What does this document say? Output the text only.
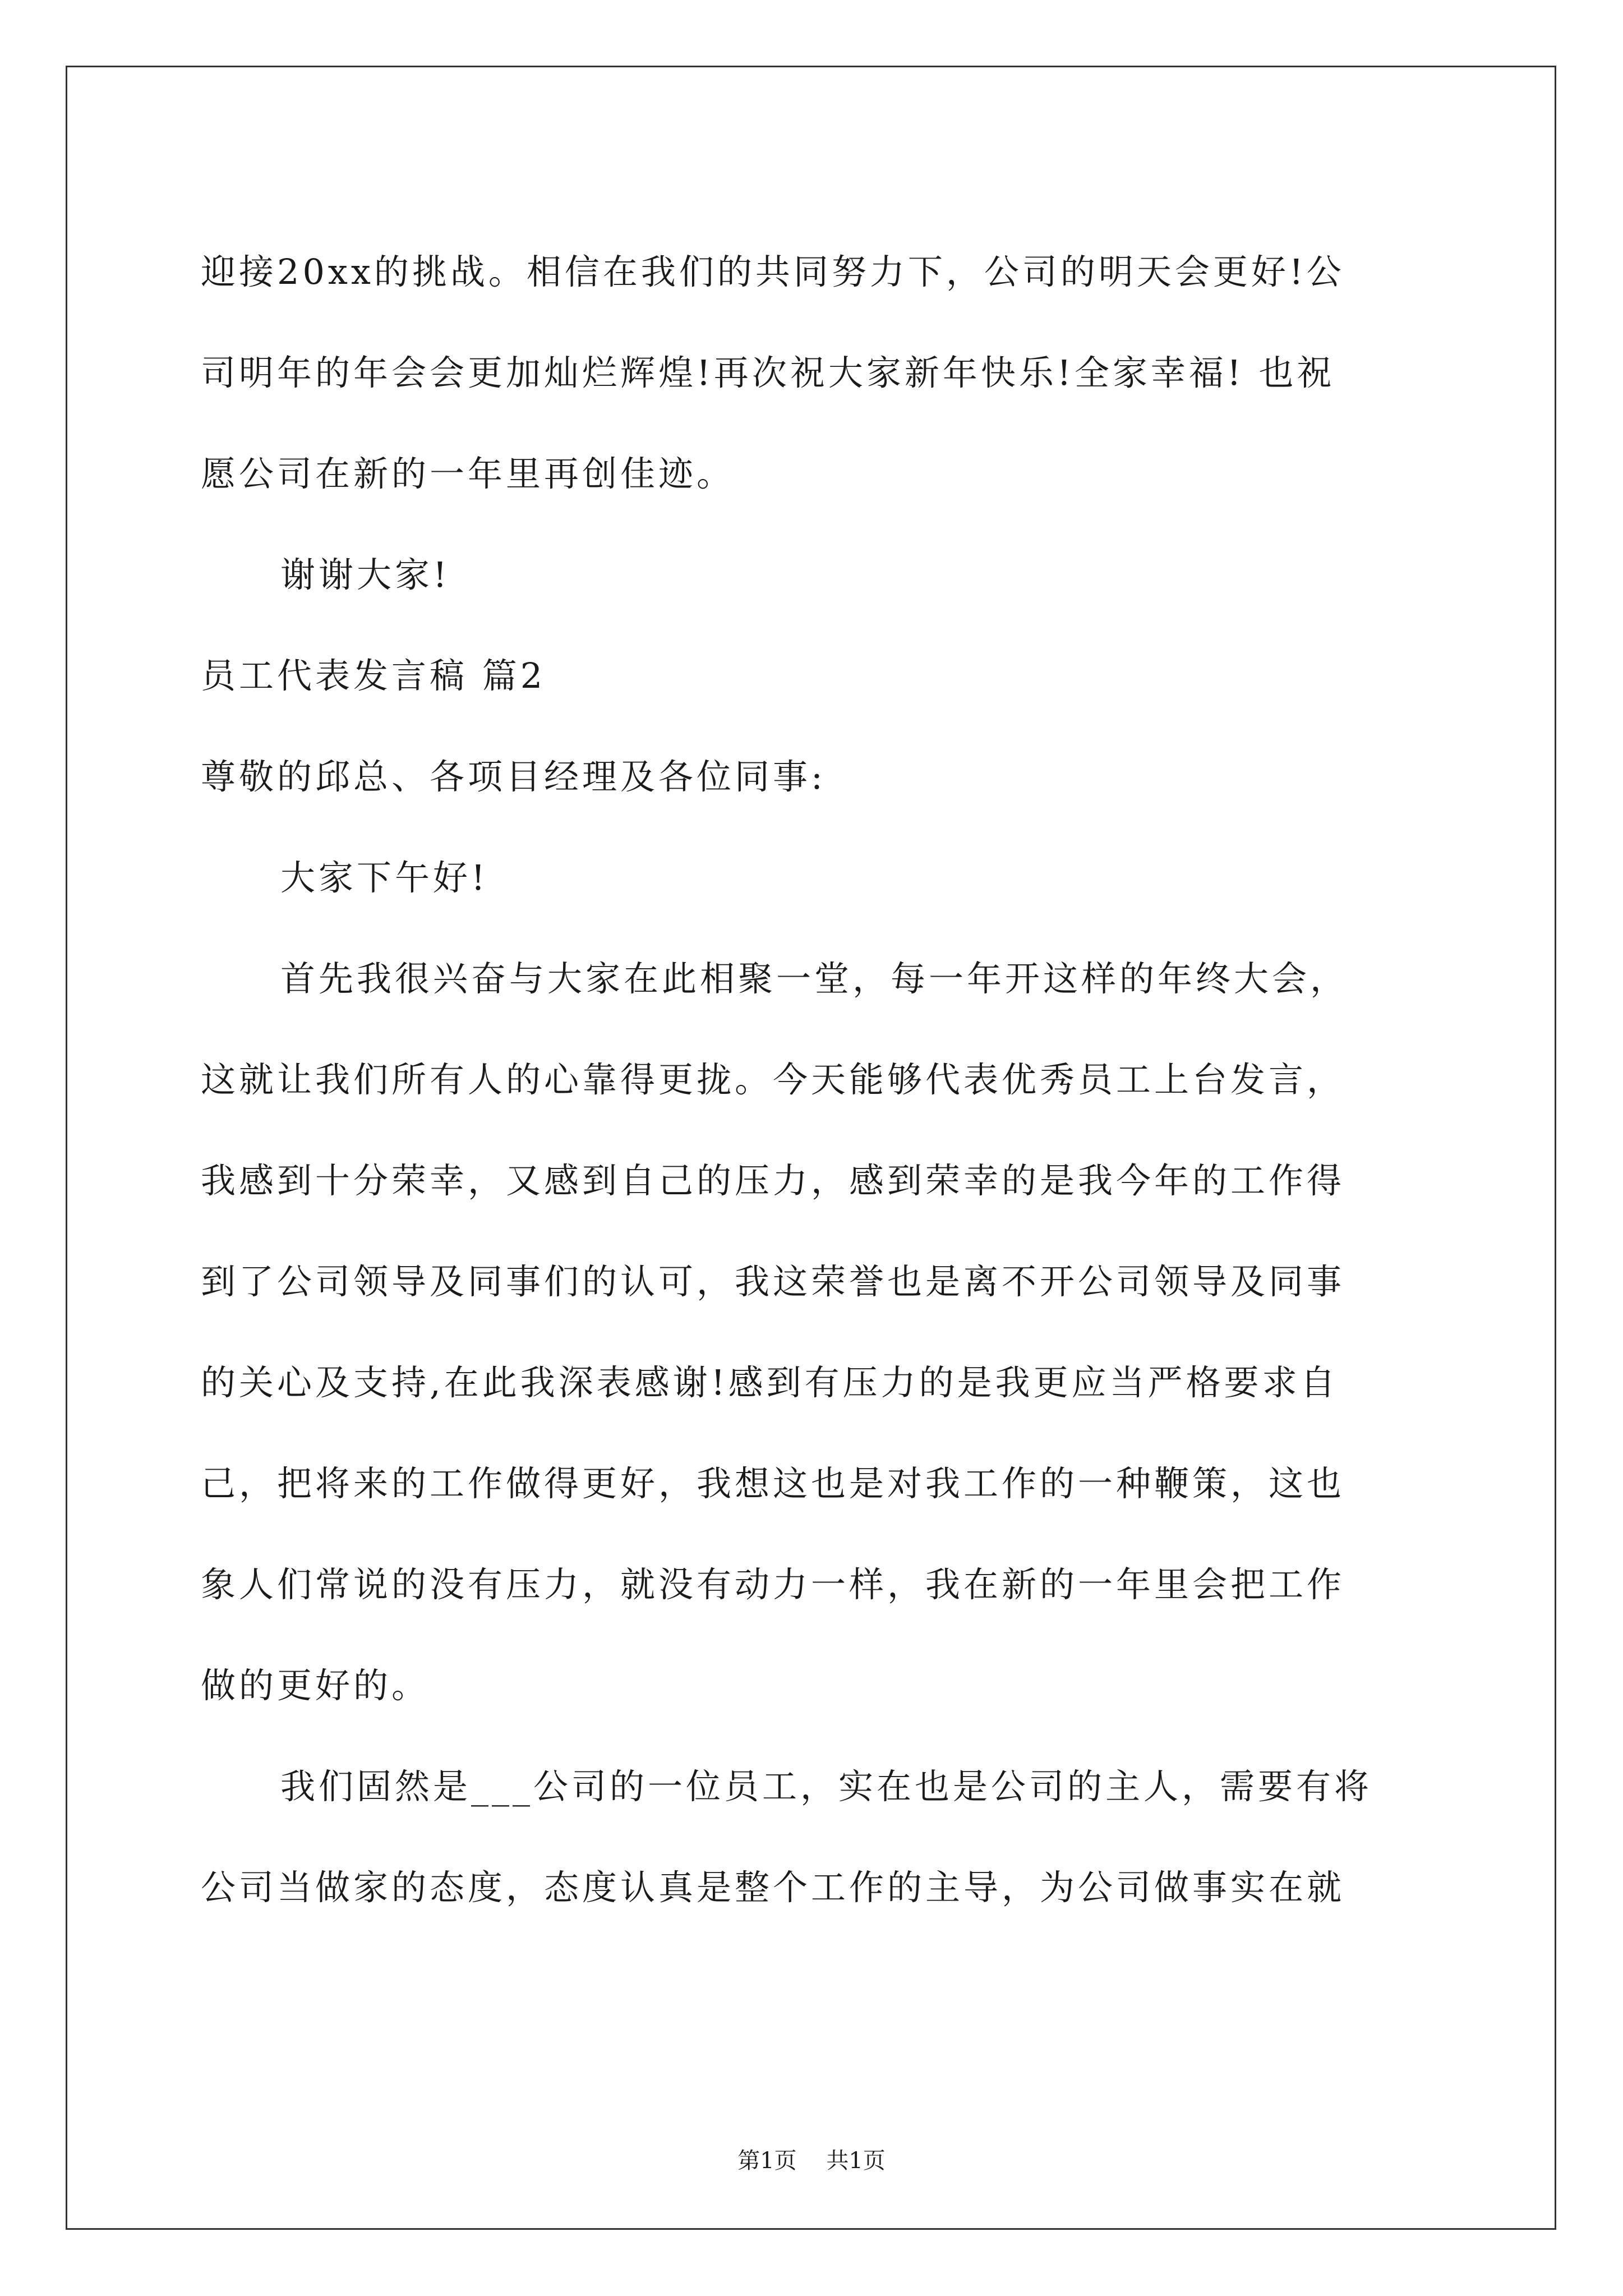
迎接20xx的挑战。相信在我们的共同努力下，公司的明天会更好!公
司明年的年会会更加灿烂辉煌!再次祝大家新年快乐!全家幸福! 也祝
愿公司在新的一年里再创佳迹。
谢谢大家!
员工代表发言稿 篇2
尊敬的邱总、各项目经理及各位同事:
大家下午好!
首先我很兴奋与大家在此相聚一堂，每一年开这样的年终大会，
这就让我们所有人的心靠得更拢。今天能够代表优秀员工上台发言，
我感到十分荣幸，又感到自己的压力，感到荣幸的是我今年的工作得
到了公司领导及同事们的认可，我这荣誉也是离不开公司领导及同事
的关心及支持,在此我深表感谢!感到有压力的是我更应当严格要求自
己，把将来的工作做得更好，我想这也是对我工作的一种鞭策，这也
象人们常说的没有压力，就没有动力一样，我在新的一年里会把工作
做的更好的。
我们固然是___公司的一位员工，实在也是公司的主人，需要有将
公司当做家的态度，态度认真是整个工作的主导，为公司做事实在就
第1页 共1页
